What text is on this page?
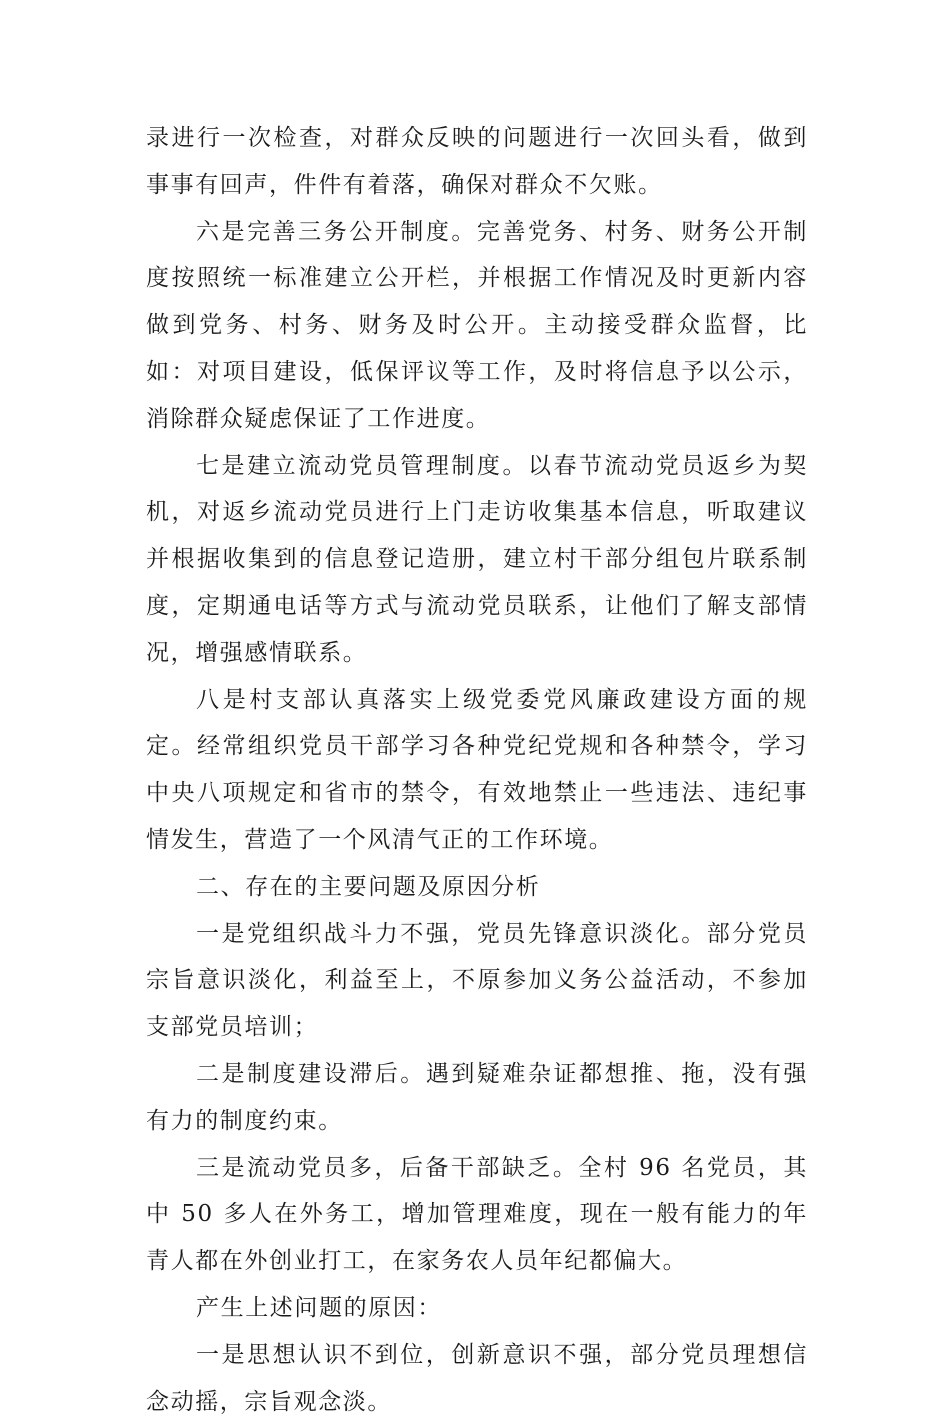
录进行一次检查，对群众反映的问题进行一次回头看，做到事事有回声，件件有着落，确保对群众不欠账。

六是完善三务公开制度。完善党务、村务、财务公开制度按照统一标准建立公开栏，并根据工作情况及时更新内容做到党务、村务、财务及时公开。主动接受群众监督，比如：对项目建设，低保评议等工作，及时将信息予以公示，消除群众疑虑保证了工作进度。

七是建立流动党员管理制度。以春节流动党员返乡为契机，对返乡流动党员进行上门走访收集基本信息，听取建议并根据收集到的信息登记造册，建立村干部分组包片联系制度，定期通电话等方式与流动党员联系，让他们了解支部情况，增强感情联系。

八是村支部认真落实上级党委党风廉政建设方面的规定。经常组织党员干部学习各种党纪党规和各种禁令，学习中央八项规定和省市的禁令，有效地禁止一些违法、违纪事情发生，营造了一个风清气正的工作环境。

二、存在的主要问题及原因分析

一是党组织战斗力不强，党员先锋意识淡化。部分党员宗旨意识淡化，利益至上，不原参加义务公益活动，不参加支部党员培训；

二是制度建设滞后。遇到疑难杂证都想推、拖，没有强有力的制度约束。

三是流动党员多，后备干部缺乏。全村 96 名党员，其中 50 多人在外务工，增加管理难度，现在一般有能力的年青人都在外创业打工，在家务农人员年纪都偏大。

产生上述问题的原因：

一是思想认识不到位，创新意识不强，部分党员理想信念动摇，宗旨观念淡。
